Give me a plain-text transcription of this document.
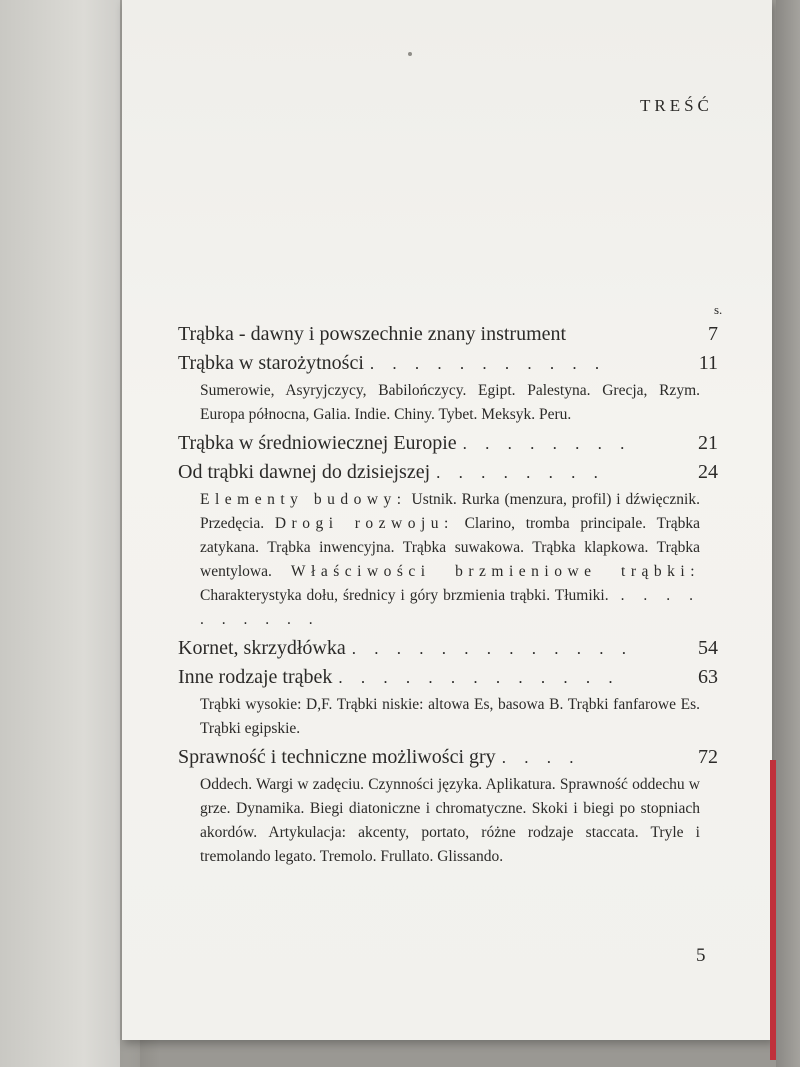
TREŚĆ
s.
Trąbka - dawny i powszechnie znany instrument	7
Trąbka w starożytności . . . . . . . . . . .	11
Sumerowie, Asyryjczycy, Babilończycy. Egipt. Palestyna. Grecja, Rzym. Europa północna, Galia. Indie. Chiny. Tybet. Meksyk. Peru.
Trąbka w średniowiecznej Europie . . . . . . . .	21
Od trąbki dawnej do dzisiejszej . . . . . . . .	24
Elementy budowy: Ustnik. Rurka (menzura, profil) i dźwięcznik. Przedęcia. Drogi rozwoju: Clarino, tromba principale. Trąbka zatykana. Trąbka inwencyjna. Trąbka suwakowa. Trąbka klapkowa. Trąbka wentylowa. Właściwości brzmieniowe trąbki: Charakterystyka dołu, średnicy i góry brzmienia trąbki. Tłumiki. . . . . . . . . . .
Kornet, skrzydłówka . . . . . . . . . . . . .	54
Inne rodzaje trąbek . . . . . . . . . . . . .	63
Trąbki wysokie: D,F. Trąbki niskie: altowa Es, basowa B. Trąbki fanfarowe Es. Trąbki egipskie.
Sprawność i techniczne możliwości gry . . . .	72
Oddech. Wargi w zadęciu. Czynności języka. Aplikatura. Sprawność oddechu w grze. Dynamika. Biegi diatoniczne i chromatyczne. Skoki i biegi po stopniach akordów. Artykulacja: akcenty, portato, różne rodzaje staccata. Tryle i tremolando legato. Tremolo. Frullato. Glissando.
5
